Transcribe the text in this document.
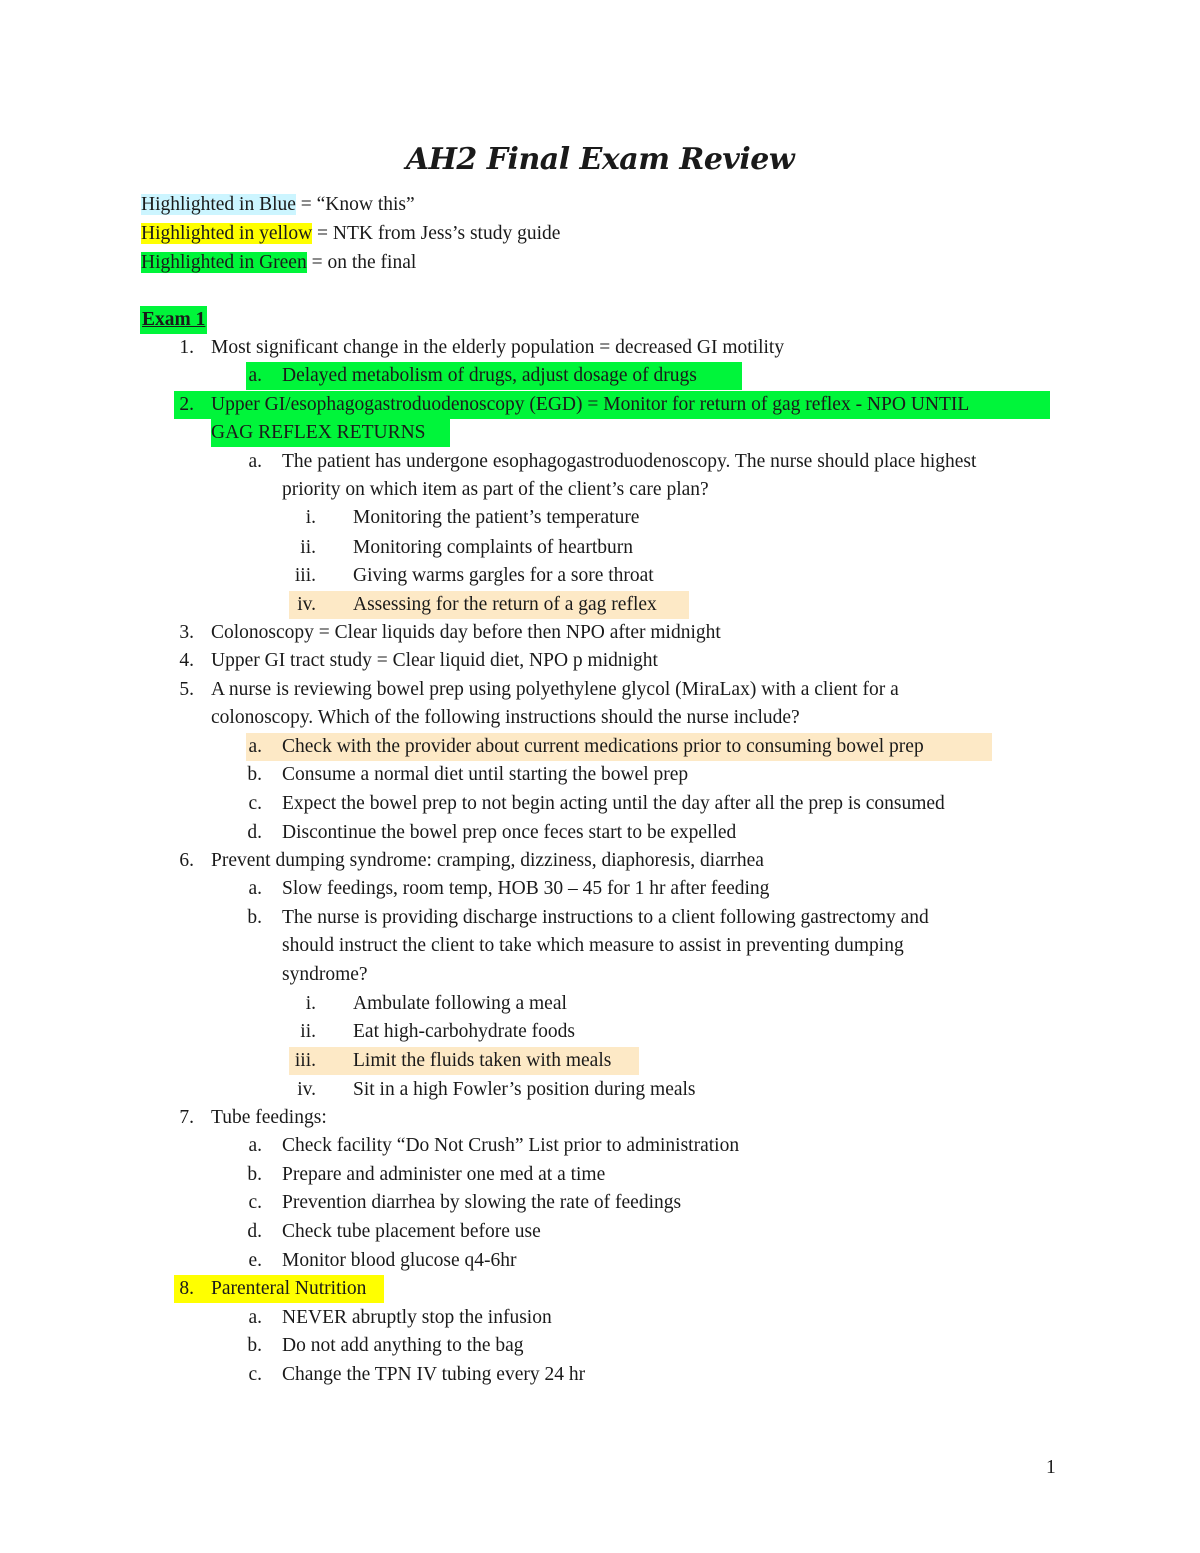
AH2 Final Exam Review
Highlighted in Blue = “Know this”
Highlighted in yellow = NTK from Jess’s study guide
Highlighted in Green = on the final
Exam 1
1. Most significant change in the elderly population = decreased GI motility
a. Delayed metabolism of drugs, adjust dosage of drugs
2. Upper GI/esophagogastroduodenoscopy (EGD) = Monitor for return of gag reflex - NPO UNTIL
GAG REFLEX RETURNS
a. The patient has undergone esophagogastroduodenoscopy. The nurse should place highest
priority on which item as part of the client’s care plan?
i. Monitoring the patient’s temperature
ii. Monitoring complaints of heartburn
iii. Giving warms gargles for a sore throat
iv. Assessing for the return of a gag reflex
3. Colonoscopy = Clear liquids day before then NPO after midnight
4. Upper GI tract study = Clear liquid diet, NPO p midnight
5. A nurse is reviewing bowel prep using polyethylene glycol (MiraLax) with a client for a
colonoscopy. Which of the following instructions should the nurse include?
a. Check with the provider about current medications prior to consuming bowel prep
b. Consume a normal diet until starting the bowel prep
c. Expect the bowel prep to not begin acting until the day after all the prep is consumed
d. Discontinue the bowel prep once feces start to be expelled
6. Prevent dumping syndrome: cramping, dizziness, diaphoresis, diarrhea
a. Slow feedings, room temp, HOB 30 – 45 for 1 hr after feeding
b. The nurse is providing discharge instructions to a client following gastrectomy and
should instruct the client to take which measure to assist in preventing dumping
syndrome?
i. Ambulate following a meal
ii. Eat high-carbohydrate foods
iii. Limit the fluids taken with meals
iv. Sit in a high Fowler’s position during meals
7. Tube feedings:
a. Check facility “Do Not Crush” List prior to administration
b. Prepare and administer one med at a time
c. Prevention diarrhea by slowing the rate of feedings
d. Check tube placement before use
e. Monitor blood glucose q4-6hr
8. Parenteral Nutrition
a. NEVER abruptly stop the infusion
b. Do not add anything to the bag
c. Change the TPN IV tubing every 24 hr
1
